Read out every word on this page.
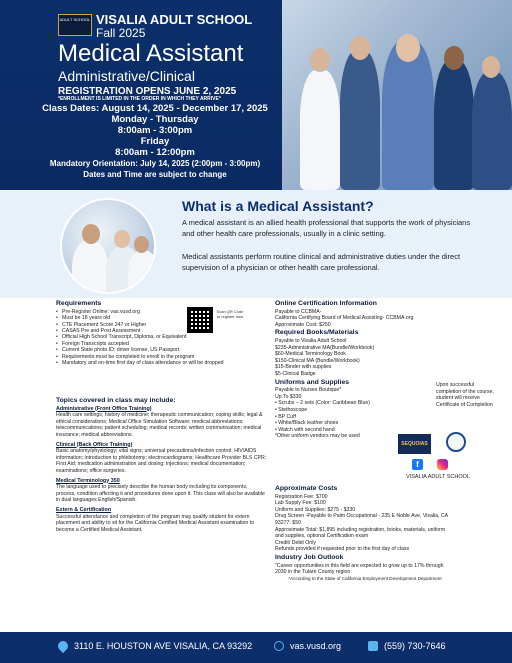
ADULT SCHOOL VISALIA ADULT SCHOOL
Fall 2025
Medical Assistant
Administrative/Clinical
REGISTRATION OPENS JUNE 2, 2025
*ENROLLMENT IS LIMITED IN THE ORDER IN WHICH THEY ARRIVE*
Class Dates: August 14, 2025 - December 17, 2025
Monday - Thursday
8:00am - 3:00pm
Friday
8:00am - 12:00pm
Mandatory Orientation: July 14, 2025 (2:00pm - 3:00pm)
Dates and Time are subject to change
What is a Medical Assistant?
A medical assistant is an allied health professional that supports the work of physicians and other health care professionals, usually in a clinic setting.
Medical assistants perform routine clinical and administrative duties under the direct supervision of a physician or other health care professional.
Requirements
• Pre-Register Online: vas.vusd.org
• Must be 18 years old
• CTE Placement Score 247 or Higher
• CASAS Pre and Post Assessment
• Official High School Transcript, Diploma, or Equivalent
• Foreign Transcripts accepted
• Current State photo ID: driver license, US Passport
• Requirements must be completed to enroll in the program
• Mandatory and on-time first day of class attendance or will be dropped
Scan QR Code to register now
Topics covered in class may include:
Administrative (Front Office Training)

Health care settings; history of medicine; therapeutic communication; coping skills; legal & ethical considerations; Medical Office Simulation Software; medical abbreviations; telecommunications; patient scheduling; medical records; written communication; medical insurance; medical abbreviations.

Clinical (Back Office Training)

Basic anatomy/physiology; vital signs; universal precautions/infection control; HIV/AIDS information; introduction to phlebotomy; electrocardiograms; Healthcare Provider BLS CPR; First Aid; medication administration and dosing; injections; medical documentation; examinations; office surgeries.

Medical Terminology 350

The language used to precisely describe the human body including its components, process, condition affecting it and procedures done upon it. This class will also be available in dual languages English/Spanish.

Extern & Certification

Successful attendance and completion of the program may qualify student for extern placement and ability to sit for the California Certified Medical Assistant examination to become a Certified Medical Assistant.

Online Certification Information

Payable to CCBMA-

California Certifying Board of Medical Assisting- CCBMA.org

Approximate Cost: $250

Required Books/Materials

Payable to Visalia Adult School

$235-Administrative MA(Bundle/Workbook)

$60-Medical Terminology Book

$150-Clinical MA (Bundle/Workbook)

$15-Binder with supplies

$5-Clinical Badge

Uniforms and Supplies

Payable to Nurses Boutique*

Up To $330

• Scrubs – 2 sets (Color: Caribbean Blue)

• Stethoscope

• BP Cuff

• White/Black leather shoes

• Watch with second hand

*Other uniform vendors may be used

Approximate Costs

Registration Fee: $700

Lab Supply Fee: $100

Uniform and Supplies: $275 - $330

Drug Screen -Payable to Palm Occupational - 235 E Noble Ave, Visalia, CA 93277: $50

Approximate Total: $1,895 including registration, books, materials, uniform and supplies, optional Certification exam

Credit/ Debit Only

Refunds provided if requested prior to the first day of class

Industry Job Outlook

"Career opportunities in this field are expected to grow up to 17% through 2030 in the Tulare County region.

*According to the State of California Employment Development Department

Upon successful completion of the course, student will receive Certificate of Completion
SEQUOIAS
f
VISALIA ADULT SCHOOL
3110 E. HOUSTON AVE VISALIA, CA 93292	vas.vusd.org	(559) 730-7646
